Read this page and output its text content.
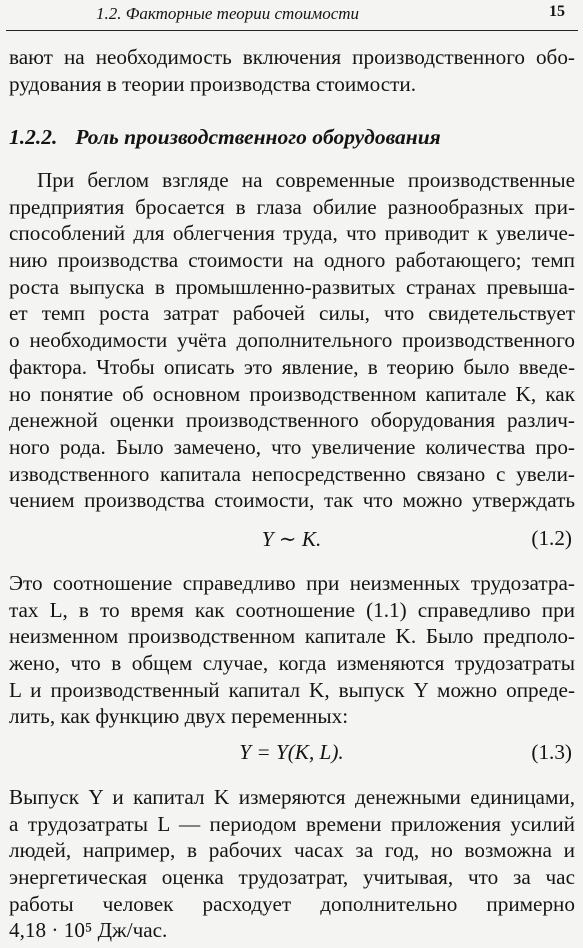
1.2. Факторные теории стоимости	15
вают на необходимость включения производственного обо-
рудования в теории производства стоимости.
1.2.2. Роль производственного оборудования
При беглом взгляде на современные производственные
предприятия бросается в глаза обилие разнообразных при-
способлений для облегчения труда, что приводит к увеличе-
нию производства стоимости на одного работающего; темп
роста выпуска в промышленно-развитых странах превыша-
ет темп роста затрат рабочей силы, что свидетельствует
о необходимости учёта дополнительного производственного
фактора. Чтобы описать это явление, в теорию было введе-
но понятие об основном производственном капитале K, как
денежной оценки производственного оборудования различ-
ного рода. Было замечено, что увеличение количества про-
изводственного капитала непосредственно связано с увели-
чением производства стоимости, так что можно утверждать
Y ∼ K.	(1.2)
Это соотношение справедливо при неизменных трудозатра-
тах L, в то время как соотношение (1.1) справедливо при
неизменном производственном капитале K. Было предполо-
жено, что в общем случае, когда изменяются трудозатраты
L и производственный капитал K, выпуск Y можно опреде-
лить, как функцию двух переменных:
Y = Y(K, L).	(1.3)
Выпуск Y и капитал K измеряются денежными единицами,
а трудозатраты L — периодом времени приложения усилий
людей, например, в рабочих часах за год, но возможна и
энергетическая оценка трудозатрат, учитывая, что за час
работы человек расходует дополнительно примерно
4,18 · 10⁵ Дж/час.
